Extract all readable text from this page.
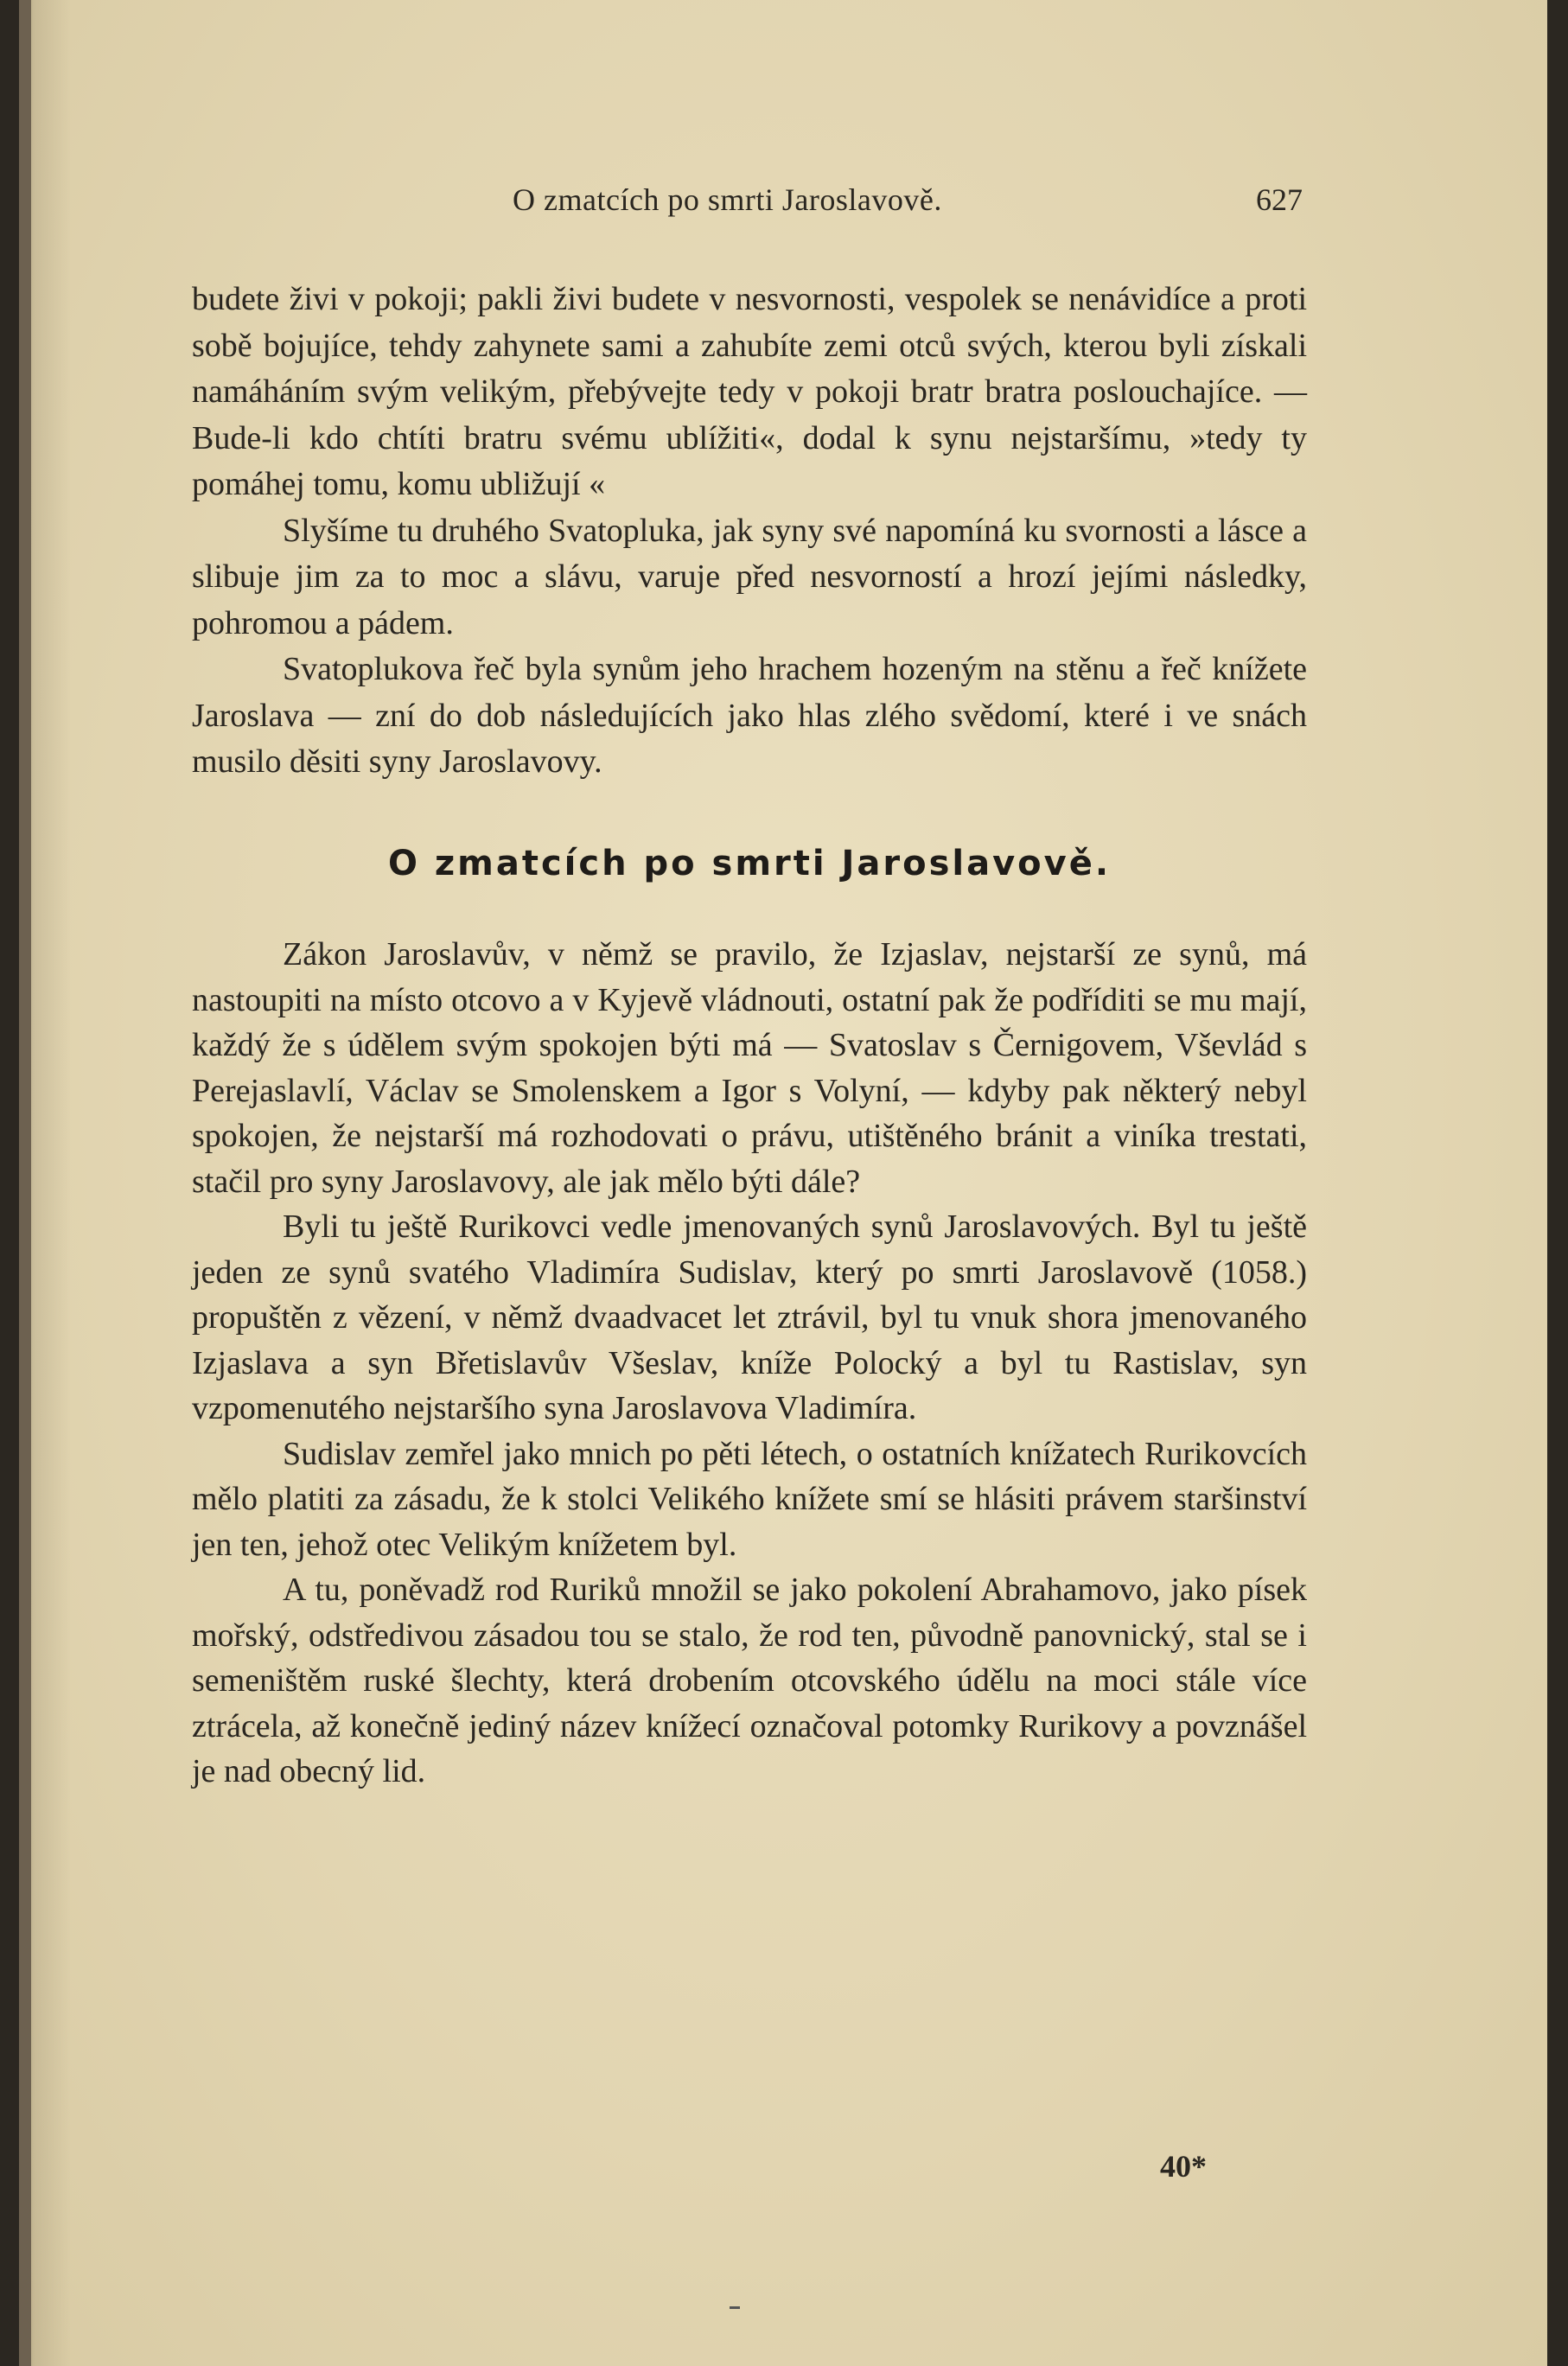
O zmatcích po smrti Jaroslavově.	627

budete živi v pokoji; pakli živi budete v nesvornosti, vespolek se nenávidíce a proti sobě bojujíce, tehdy zahynete sami a zahubíte zemi otců svých, kterou byli získali namáháním svým velikým, přebývejte tedy v pokoji bratr bratra poslouchajíce. — Bude-li kdo chtíti bratru svému ublížiti«, dodal k synu nejstaršímu, »tedy ty pomáhej tomu, komu ubližují «

Slyšíme tu druhého Svatopluka, jak syny své napomíná ku svornosti a lásce a slibuje jim za to moc a slávu, varuje před nesvorností a hrozí jejími následky, pohromou a pádem.

Svatoplukova řeč byla synům jeho hrachem hozeným na stěnu a řeč knížete Jaroslava — zní do dob následujících jako hlas zlého svědomí, které i ve snách musilo děsiti syny Jaroslavovy.

O zmatcích po smrti Jaroslavově.

Zákon Jaroslavův, v němž se pravilo, že Izjaslav, nejstarší ze synů, má nastoupiti na místo otcovo a v Kyjevě vládnouti, ostatní pak že podříditi se mu mají, každý že s údělem svým spokojen býti má — Svatoslav s Černigovem, Vševlád s Perejaslavlí, Václav se Smolenskem a Igor s Volyní, — kdyby pak některý nebyl spokojen, že nejstarší má rozhodovati o právu, utištěného bránit a viníka trestati, stačil pro syny Jaroslavovy, ale jak mělo býti dále?

Byli tu ještě Rurikovci vedle jmenovaných synů Jaroslavových. Byl tu ještě jeden ze synů svatého Vladimíra Sudislav, který po smrti Jaroslavově (1058.) propuštěn z vězení, v němž dvaadvacet let ztrávil, byl tu vnuk shora jmenovaného Izjaslava a syn Břetislavův Všeslav, kníže Polocký a byl tu Rastislav, syn vzpomenutého nejstaršího syna Jaroslavova Vladimíra.

Sudislav zemřel jako mnich po pěti létech, o ostatních knížatech Rurikovcích mělo platiti za zásadu, že k stolci Velikého knížete smí se hlásiti právem staršinství jen ten, jehož otec Velikým knížetem byl.

A tu, poněvadž rod Ruriků množil se jako pokolení Abrahamovo, jako písek mořský, odstředivou zásadou tou se stalo, že rod ten, původně panovnický, stal se i semeništěm ruské šlechty, která drobením otcovského údělu na moci stále více ztrácela, až konečně jediný název knížecí označoval potomky Rurikovy a povznášel je nad obecný lid.

40*
